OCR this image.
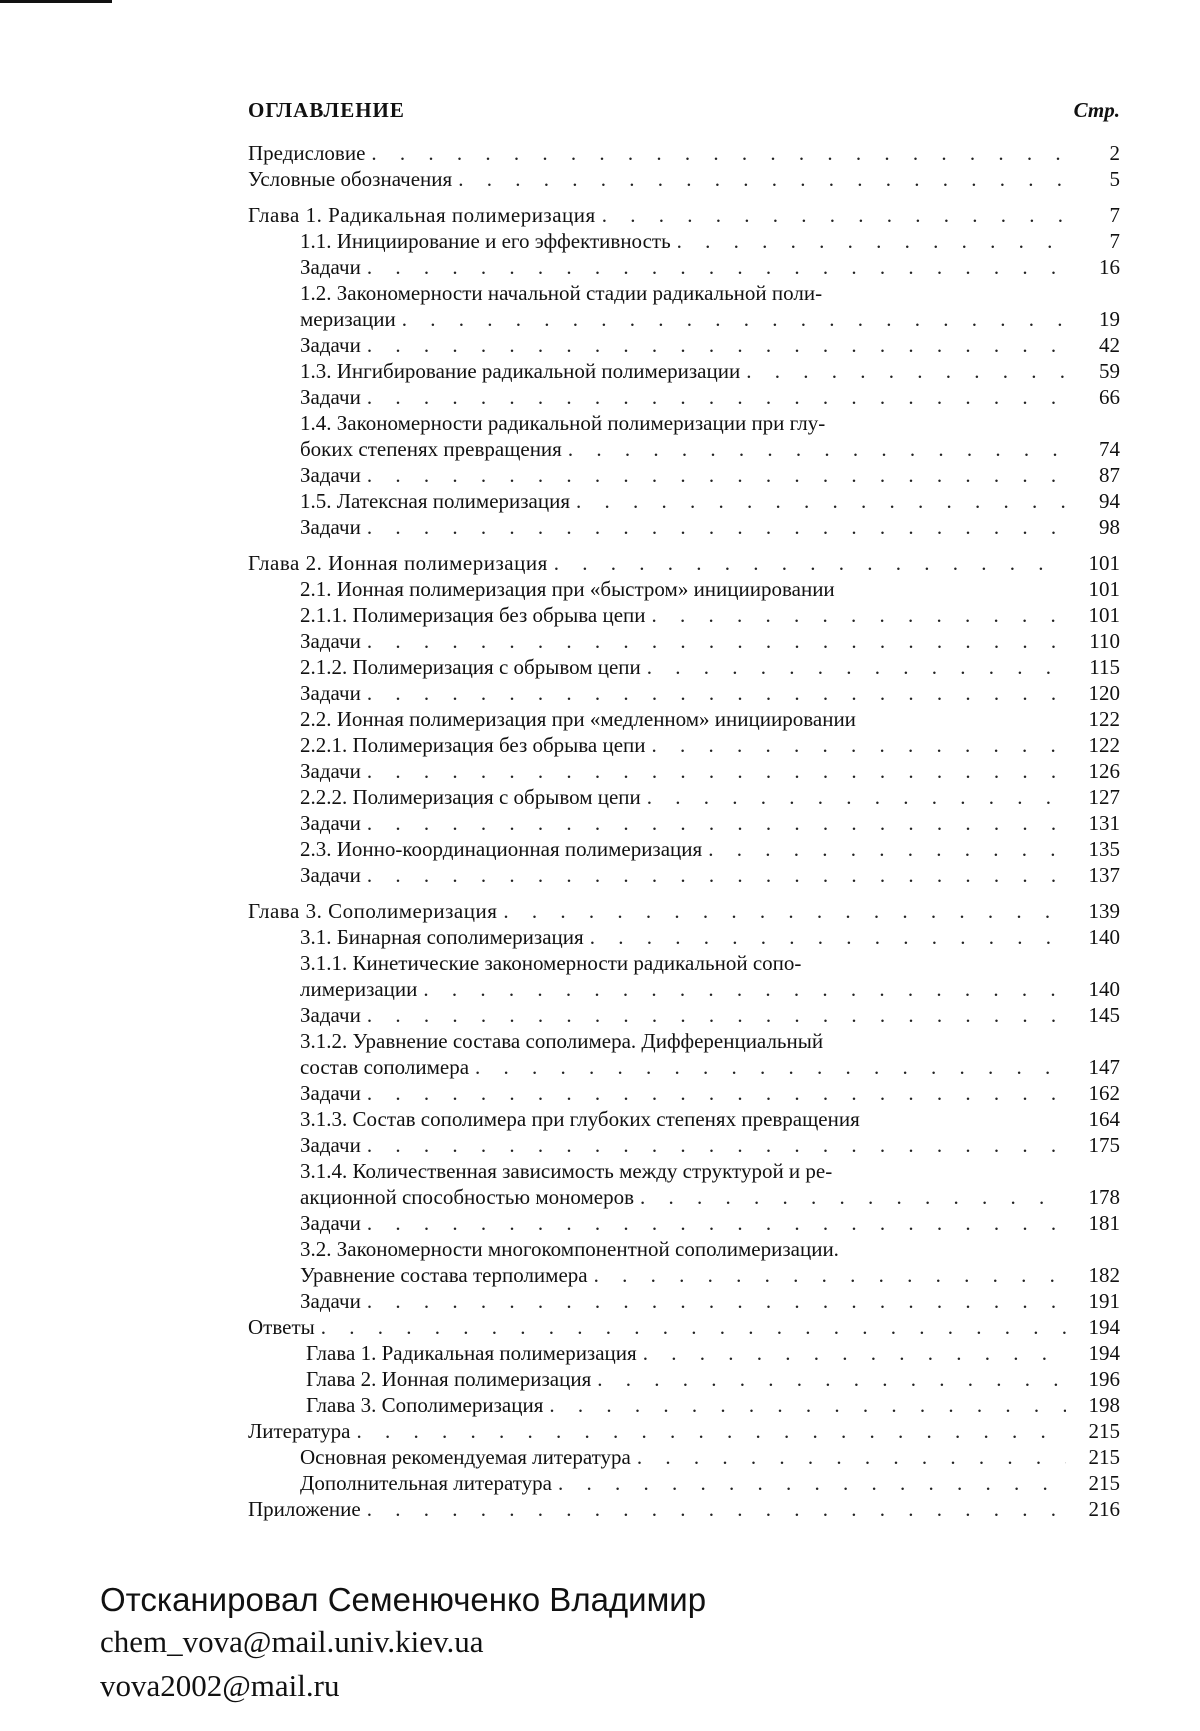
ОГЛАВЛЕНИЕ	Стр.
Предисловие . . .	2
Условные обозначения . . .	5
Глава 1. Радикальная полимеризация . . .	7
1.1. Инициирование и его эффективность . . .	7
Задачи . . .	16
1.2. Закономерности начальной стадии радикальной поли-
меризации . . .	19
Задачи . . .	42
1.3. Ингибирование радикальной полимеризации . . .	59
Задачи . . .	66
1.4. Закономерности радикальной полимеризации при глу-
боких степенях превращения . . .	74
Задачи . . .	87
1.5. Латексная полимеризация . . .	94
Задачи . . .	98
Глава 2. Ионная полимеризация . . .	101
2.1. Ионная полимеризация при «быстром» инициировании	101
2.1.1. Полимеризация без обрыва цепи . . .	101
Задачи . . .	110
2.1.2. Полимеризация с обрывом цепи . . .	115
Задачи . . .	120
2.2. Ионная полимеризация при «медленном» инициировании	122
2.2.1. Полимеризация без обрыва цепи . . .	122
Задачи . . .	126
2.2.2. Полимеризация с обрывом цепи . . .	127
Задачи . . .	131
2.3. Ионно-координационная полимеризация . . .	135
Задачи . . .	137
Глава 3. Сополимеризация . . .	139
3.1. Бинарная сополимеризация . . .	140
3.1.1. Кинетические закономерности радикальной сопо-
лимеризации . . .	140
Задачи . . .	145
3.1.2. Уравнение состава сополимера. Дифференциальный
состав сополимера . . .	147
Задачи . . .	162
3.1.3. Состав сополимера при глубоких степенях превращения	164
Задачи . . .	175
3.1.4. Количественная зависимость между структурой и ре-
акционной способностью мономеров . . .	178
Задачи . . .	181
3.2. Закономерности многокомпонентной сополимеризации.
Уравнение состава терполимера . . .	182
Задачи . . .	191
Ответы . . .	194
Глава 1. Радикальная полимеризация . . .	194
Глава 2. Ионная полимеризация . . .	196
Глава 3. Сополимеризация . . .	198
Литература . . .	215
Основная рекомендуемая литература . . .	215
Дополнительная литература . . .	215
Приложение . . .	216
Отсканировал Семенюченко Владимир
chem_vova@mail.univ.kiev.ua
vova2002@mail.ru
